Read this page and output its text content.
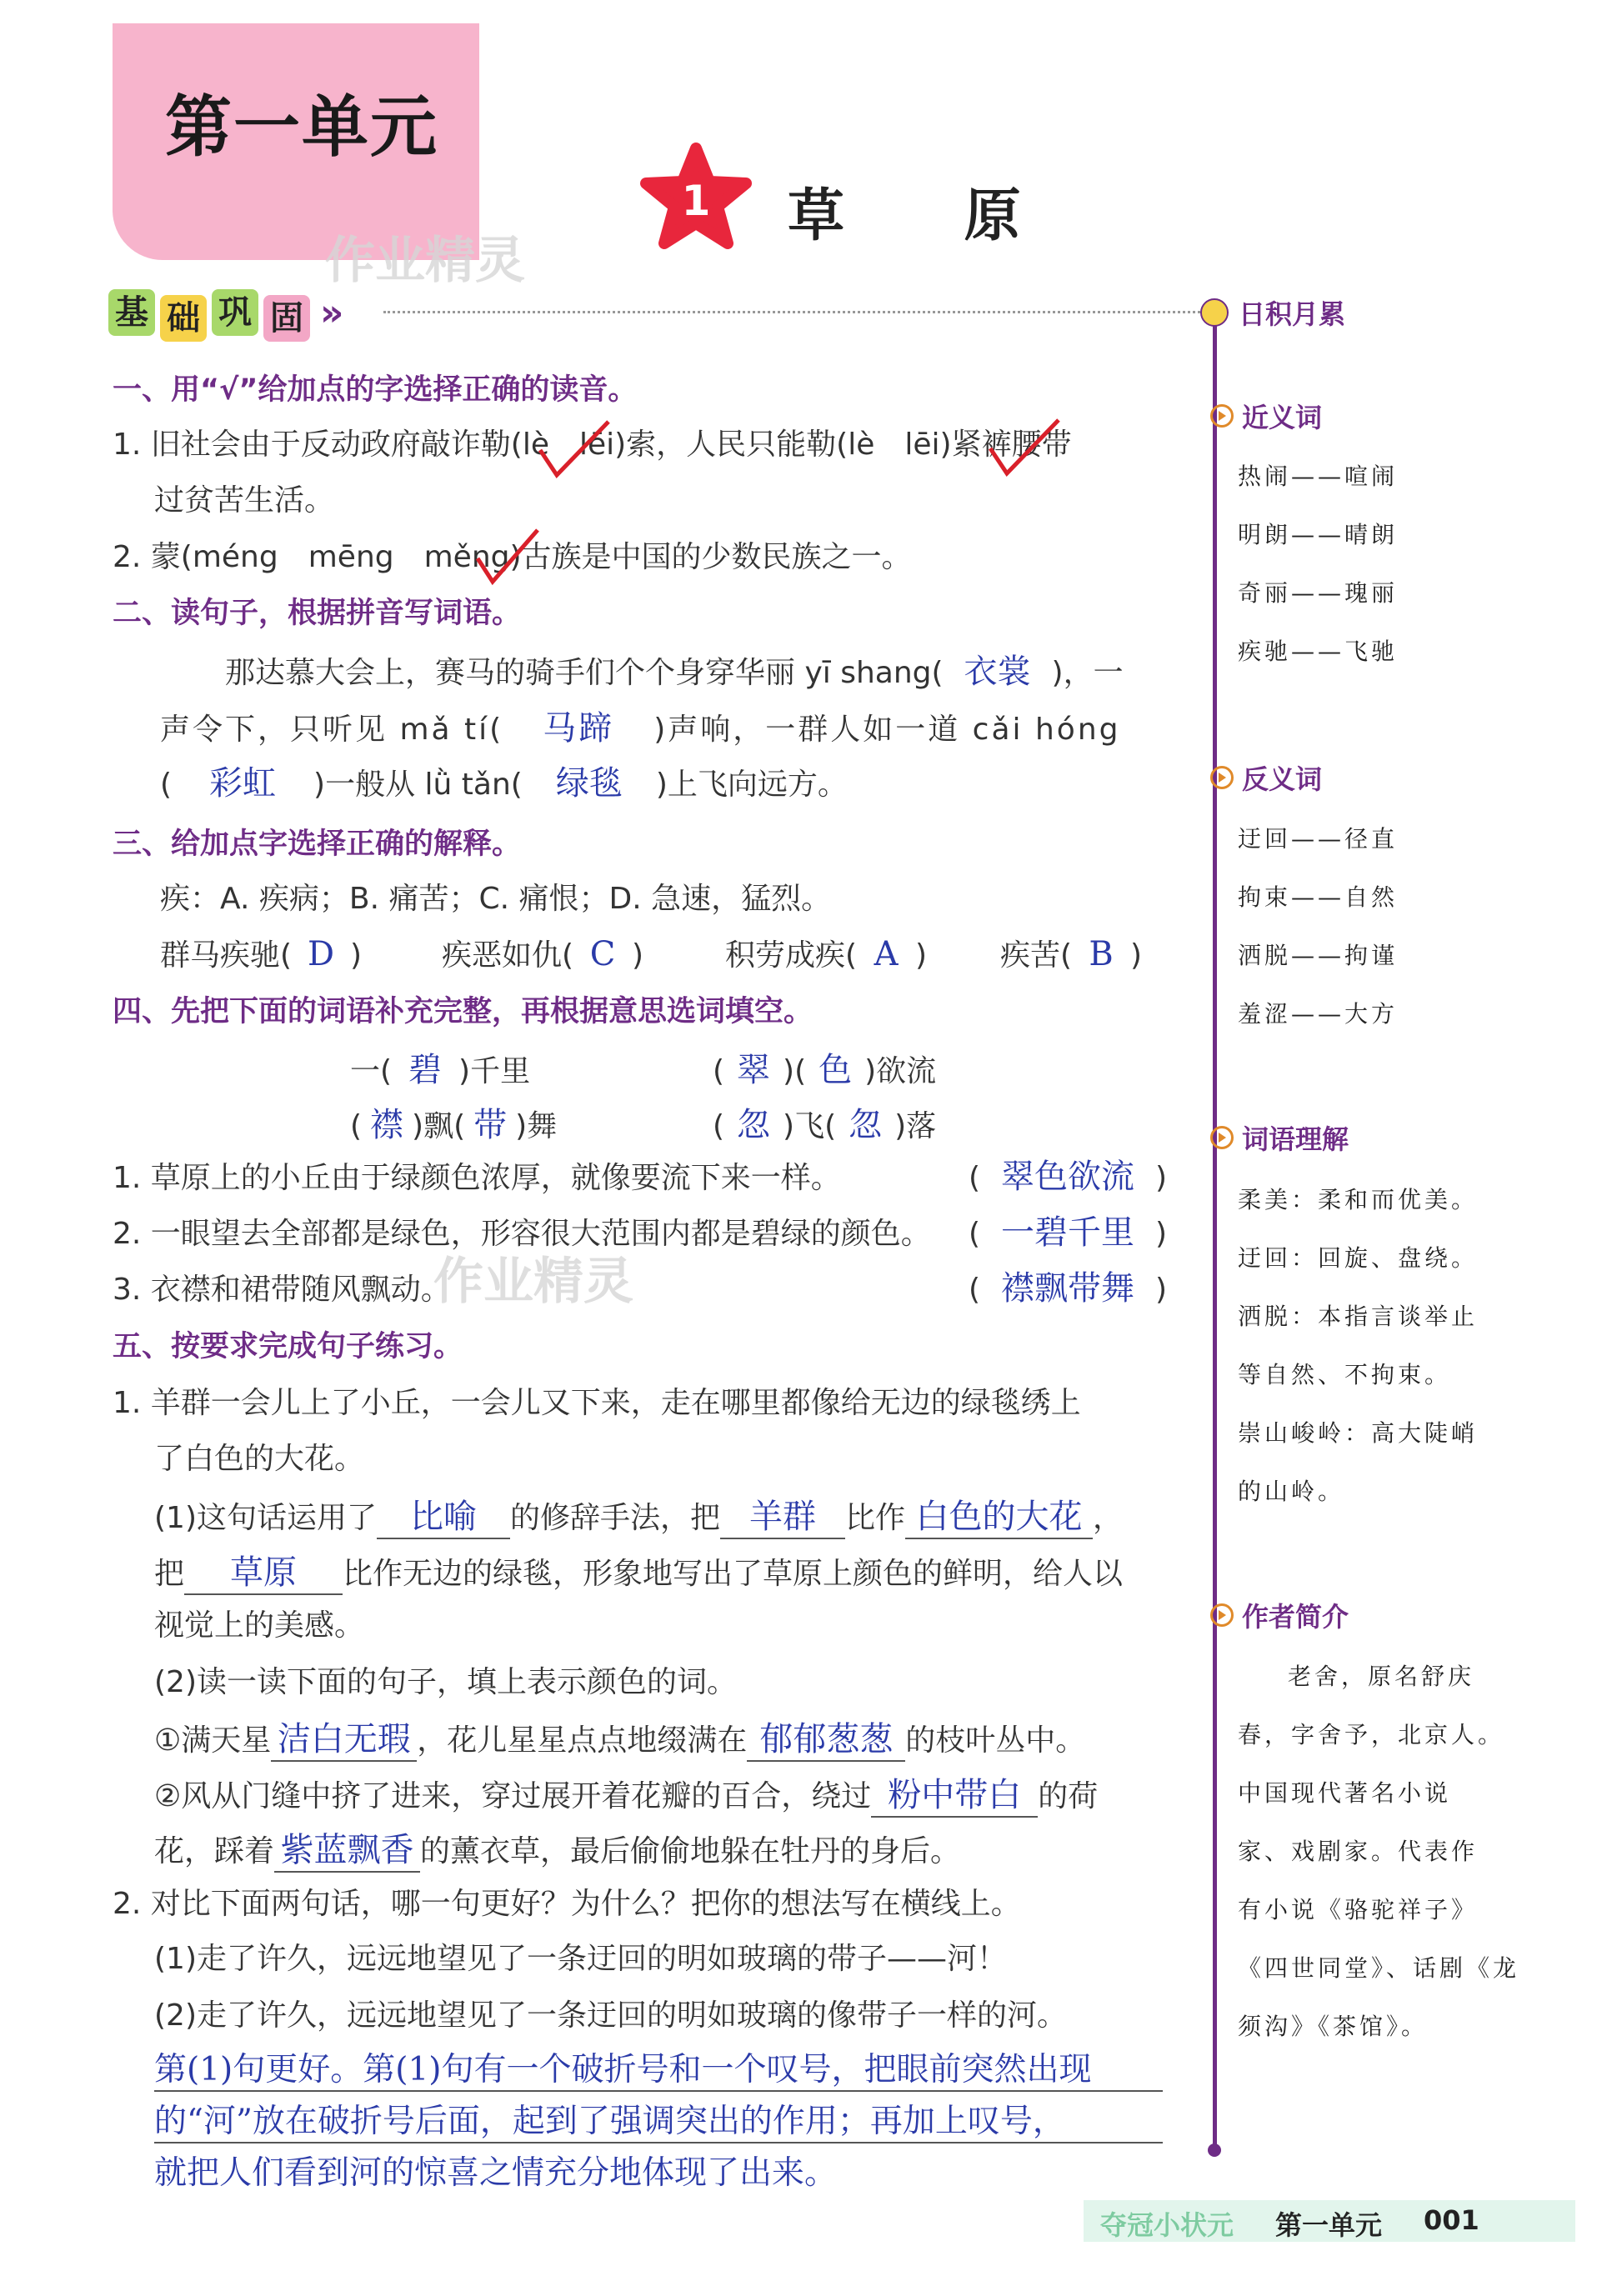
第一单元
作业精灵
1 草 原
基 础 巩 固 »
一、用“√”给加点的字选择正确的读音。
1. 旧社会由于反动政府敲诈勒(lè　lēi)索，人民只能勒(lè　lēi)紧裤腰带
过贫苦生活。
2. 蒙(méng　mēng　měng)古族是中国的少数民族之一。
二、读句子，根据拼音写词语。
那达慕大会上，赛马的骑手们个个身穿华丽 yī shang( 衣裳 )，一
声令下，只听见 mǎ tí( 马蹄 )声响，一群人如一道 cǎi hóng
( 彩虹 )一般从 lǜ tǎn( 绿毯 )上飞向远方。
三、给加点字选择正确的解释。
疾：A. 疾病；B. 痛苦；C. 痛恨；D. 急速，猛烈。
群马疾驰( D )	疾恶如仇( C )	积劳成疾( A ) 疾苦( B )
四、先把下面的词语补充完整，再根据意思选词填空。
一( 碧 )千里	( 翠 )( 色 )欲流
( 襟 )飘( 带 )舞	( 忽 )飞( 忽 )落
1. 草原上的小丘由于绿颜色浓厚，就像要流下来一样。	( 翠色欲流 )
2. 一眼望去全部都是绿色，形容很大范围内都是碧绿的颜色。 ( 一碧千里 )
3. 衣襟和裙带随风飘动。	( 襟飘带舞 )
作业精灵
五、按要求完成句子练习。
1. 羊群一会儿上了小丘，一会儿又下来，走在哪里都像给无边的绿毯绣上
了白色的大花。
(1)这句话运用了 比喻 的修辞手法，把 羊群 比作 白色的大花 ，
把 草原 比作无边的绿毯，形象地写出了草原上颜色的鲜明，给人以
视觉上的美感。
(2)读一读下面的句子，填上表示颜色的词。
①满天星 洁白无瑕 ，花儿星星点点地缀满在 郁郁葱葱 的枝叶丛中。
②风从门缝中挤了进来，穿过展开着花瓣的百合，绕过 粉中带白 的荷
花，踩着 紫蓝飘香 的薰衣草，最后偷偷地躲在牡丹的身后。
2. 对比下面两句话，哪一句更好？为什么？把你的想法写在横线上。
(1)走了许久，远远地望见了一条迂回的明如玻璃的带子——河！
(2)走了许久，远远地望见了一条迂回的明如玻璃的像带子一样的河。
第(1)句更好。第(1)句有一个破折号和一个叹号，把眼前突然出现
的“河”放在破折号后面，起到了强调突出的作用；再加上叹号，
就把人们看到河的惊喜之情充分地体现了出来。
日积月累
近义词
热闹——喧闹
明朗——晴朗
奇丽——瑰丽
疾驰——飞驰
反义词
迂回——径直
拘束——自然
洒脱——拘谨
羞涩——大方
词语理解
柔美：柔和而优美。
迂回：回旋、盘绕。
洒脱：本指言谈举止
等自然、不拘束。
崇山峻岭：高大陡峭
的山岭。
作者简介
老舍，原名舒庆
春，字舍予，北京人。
中国现代著名小说
家、戏剧家。代表作
有小说《骆驼祥子》
《四世同堂》、话剧《龙
须沟》《茶馆》。
夺冠小状元 第一单元 001
